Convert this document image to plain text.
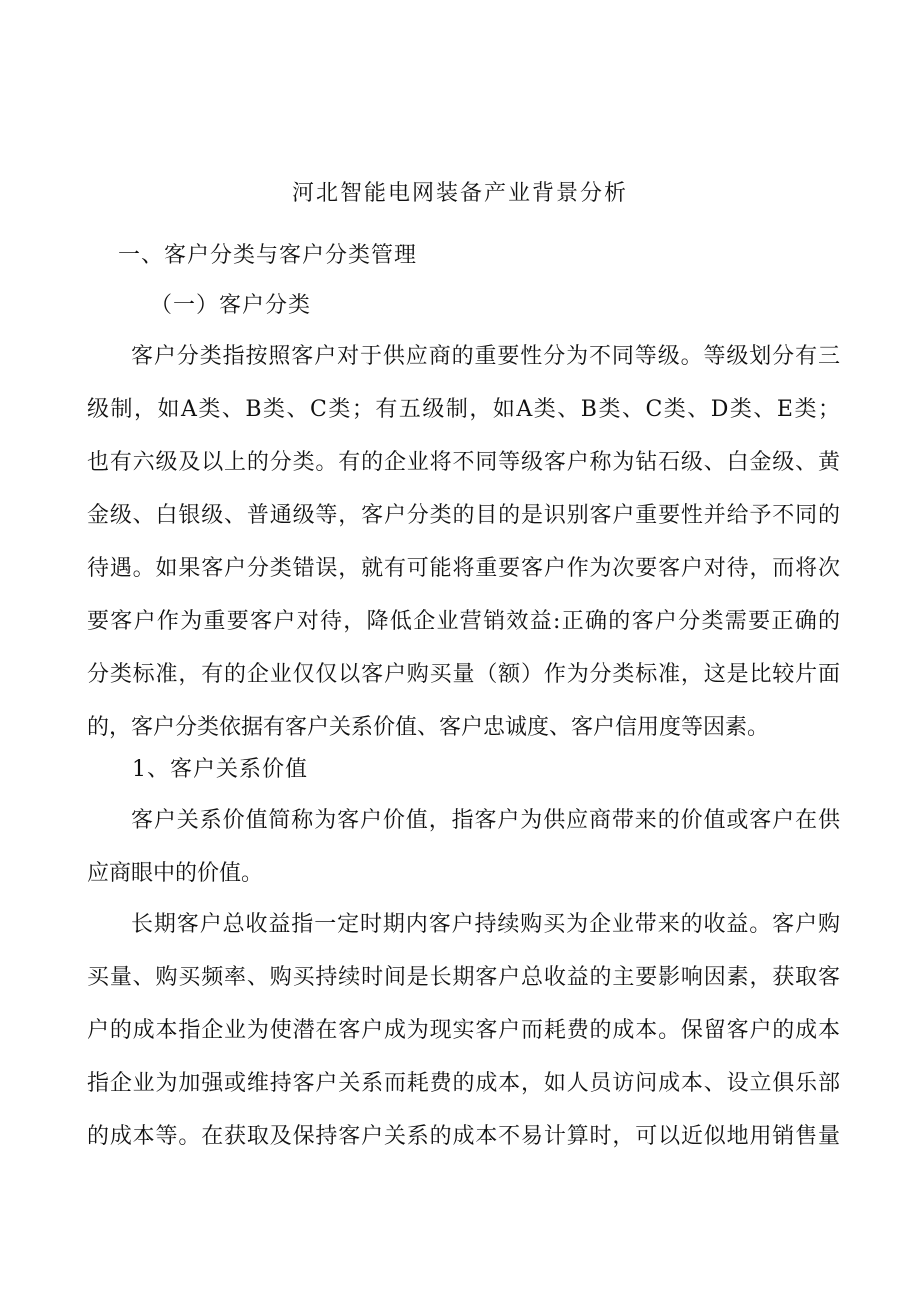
河北智能电网装备产业背景分析
一、客户分类与客户分类管理
（一）客户分类
客户分类指按照客户对于供应商的重要性分为不同等级。等级划分有三
级制，如A类、B类、C类；有五级制，如A类、B类、C类、D类、E类；
也有六级及以上的分类。有的企业将不同等级客户称为钻石级、白金级、黄
金级、白银级、普通级等，客户分类的目的是识别客户重要性并给予不同的
待遇。如果客户分类错误，就有可能将重要客户作为次要客户对待，而将次
要客户作为重要客户对待，降低企业营销效益:正确的客户分类需要正确的
分类标准，有的企业仅仅以客户购买量（额）作为分类标准，这是比较片面
的，客户分类依据有客户关系价值、客户忠诚度、客户信用度等因素。
1、客户关系价值
客户关系价值简称为客户价值，指客户为供应商带来的价值或客户在供
应商眼中的价值。
长期客户总收益指一定时期内客户持续购买为企业带来的收益。客户购
买量、购买频率、购买持续时间是长期客户总收益的主要影响因素，获取客
户的成本指企业为使潜在客户成为现实客户而耗费的成本。保留客户的成本
指企业为加强或维持客户关系而耗费的成本，如人员访问成本、设立俱乐部
的成本等。在获取及保持客户关系的成本不易计算时，可以近似地用销售量
